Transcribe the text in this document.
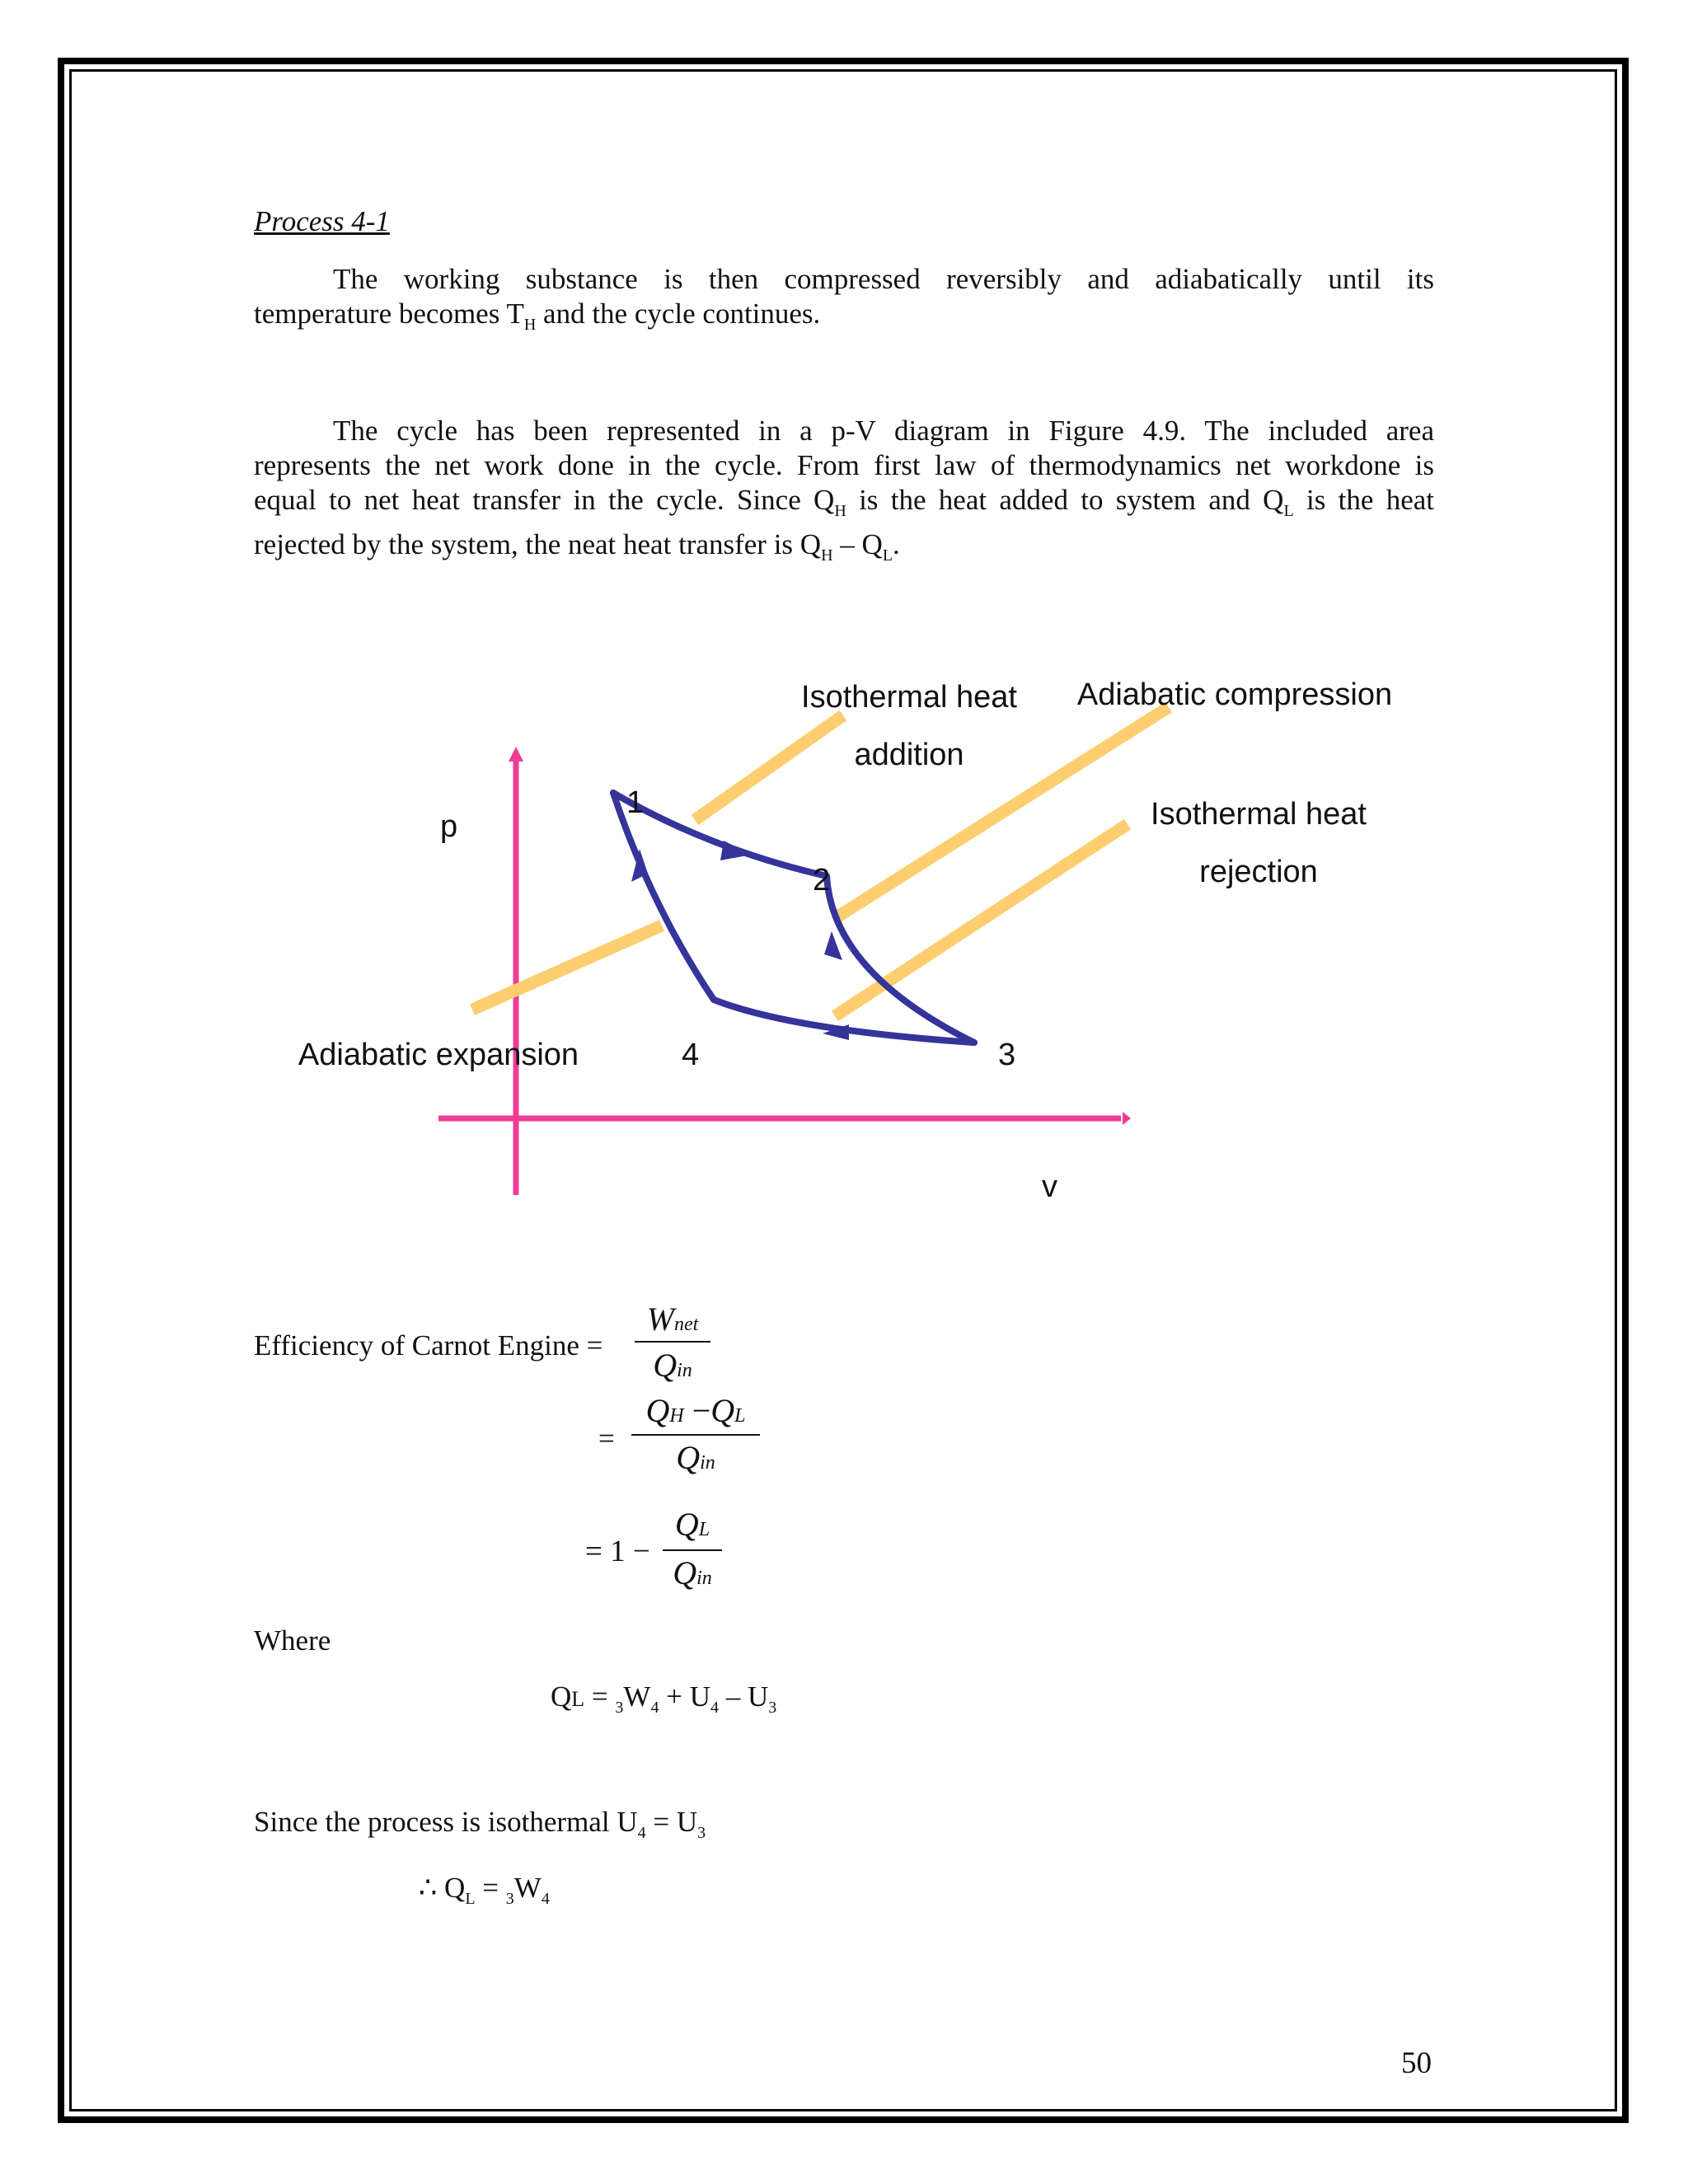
Process 4-1
The working substance is then compressed reversibly and adiabatically until its
temperature becomes $T_H$ and the cycle continues.
The cycle has been represented in a p-V diagram in Figure 4.9. The included area
represents the net work done in the cycle. From first law of thermodynamics net workdone is
equal to net heat transfer in the cycle. Since $Q_H$ is the heat added to system and $Q_L$ is the heat
rejected by the system, the neat heat transfer is $Q_H - Q_L$.
1
2
3
4
p
v
Isothermal heat
addition
Adiabatic compression
Isothermal heat
rejection
Adiabatic expansion
Efficiency of Carnot Engine =
Wnet
Qin
=
QH −QL
Qin
= 1 −
QL
Qin
Where
QL = $_3W_4 + U_4 - U_3$
Since the process is isothermal $U_4 = U_3$
∴ $Q_L = _3W_4$
50
